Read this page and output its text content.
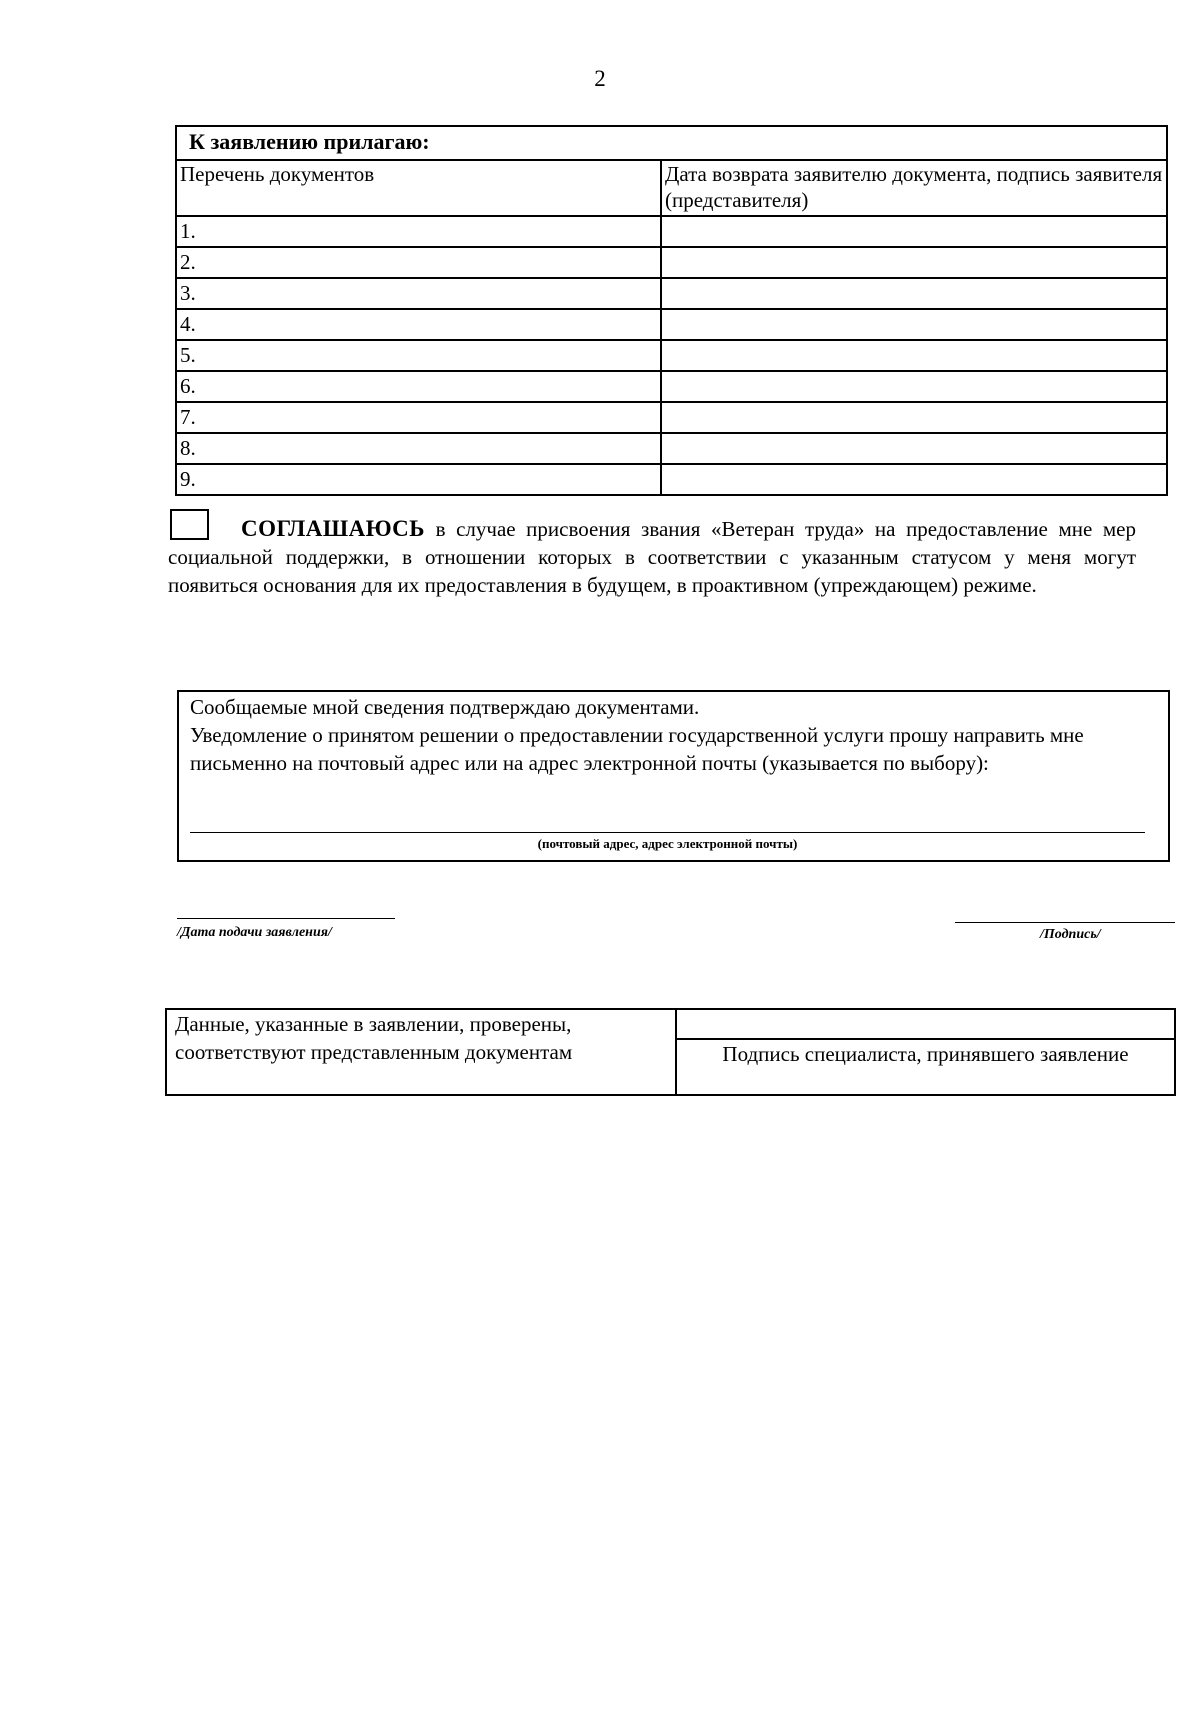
2
К заявлению прилагаю:	
Перечень документов	Дата возврата заявителю документа, подпись заявителя (представителя)
1.	
2.	
3.	
4.	
5.	
6.	
7.	
8.	
9.	
СОГЛАШАЮСЬ в случае присвоения звания «Ветеран труда» на предоставление мне мер социальной поддержки, в отношении которых в соответствии с указанным статусом у меня могут появиться основания для их предоставления в будущем, в проактивном (упреждающем) режиме.
Сообщаемые мной сведения подтверждаю документами.
Уведомление о принятом решении о предоставлении государственной услуги прошу направить мне письменно на почтовый адрес или на адрес электронной почты (указывается по выбору):
(почтовый адрес, адрес электронной почты)
/Дата подачи заявления/	/Подпись/
Данные, указанные в заявлении, проверены, соответствуют представленным документам	
Подпись специалиста, принявшего заявление
